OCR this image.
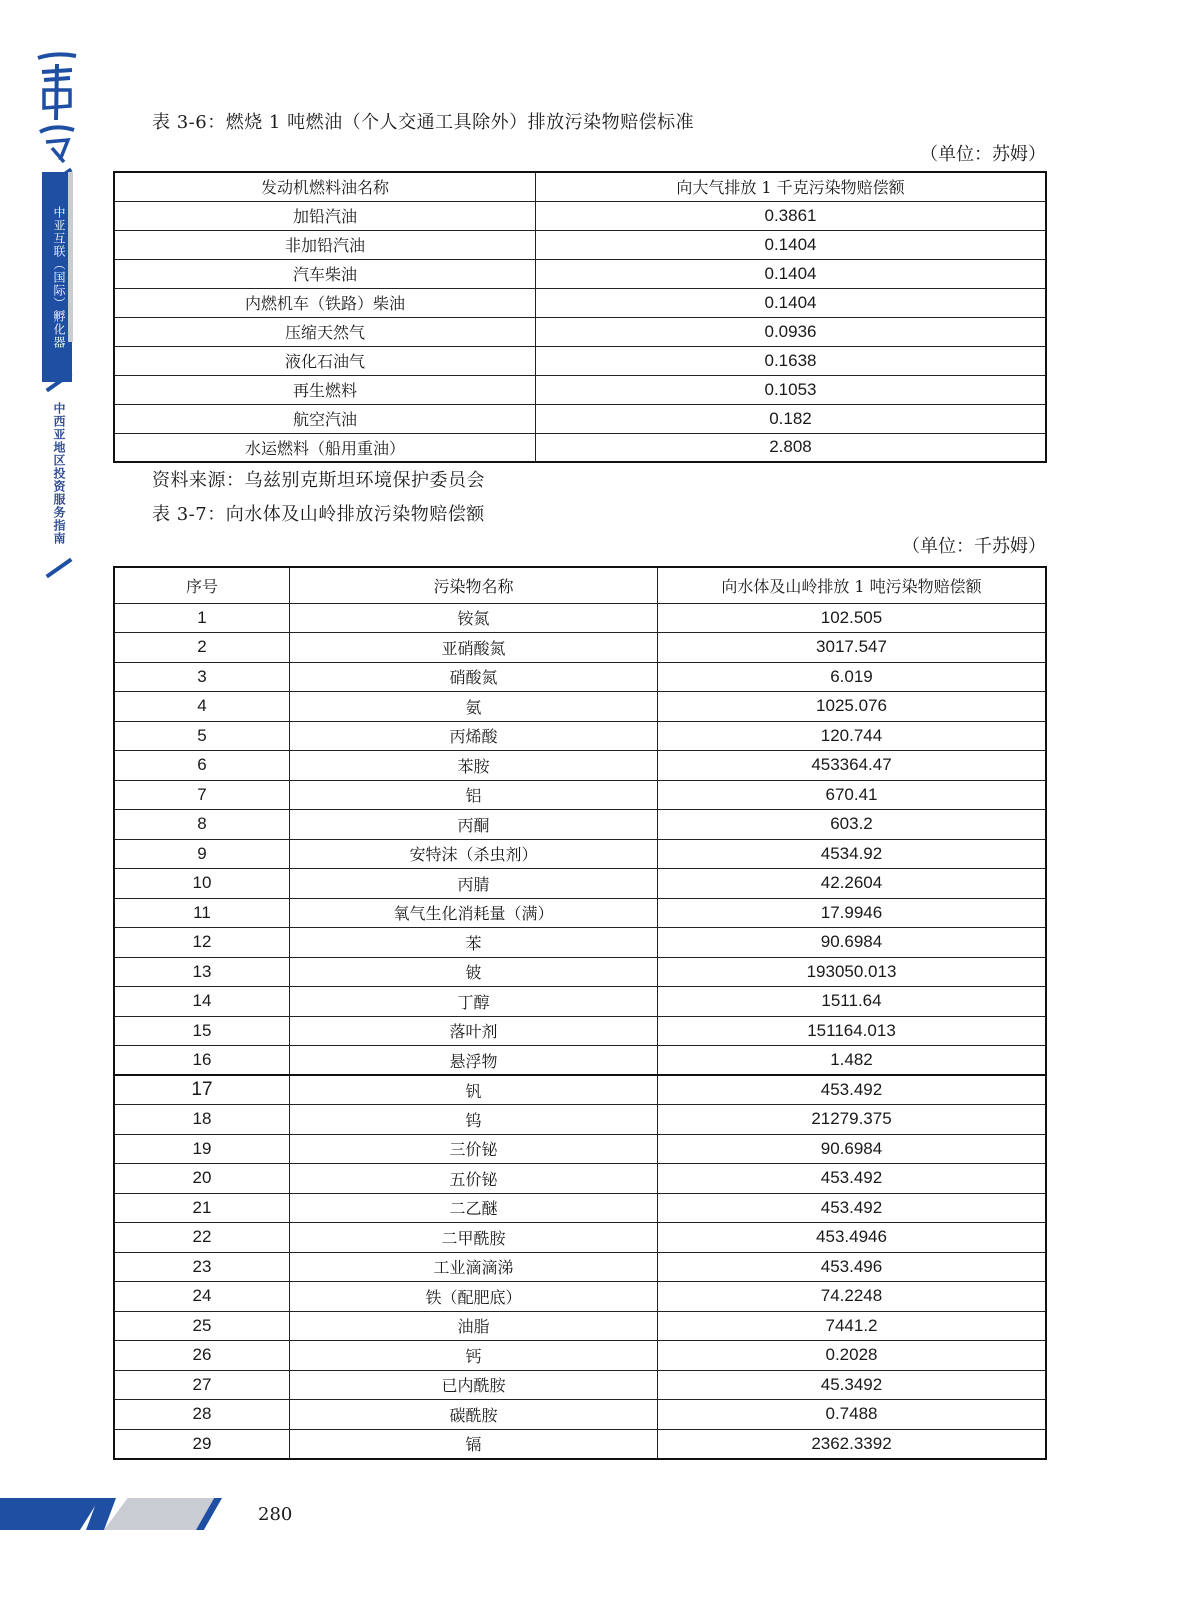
中亚互联（国际）孵化器
中西亚地区投资服务指南
表 3-6：燃烧 1 吨燃油（个人交通工具除外）排放污染物赔偿标准
（单位：苏姆）
发动机燃料油名称	向大气排放 1 千克污染物赔偿额
加铅汽油	0.3861
非加铅汽油	0.1404
汽车柴油	0.1404
内燃机车（铁路）柴油	0.1404
压缩天然气	0.0936
液化石油气	0.1638
再生燃料	0.1053
航空汽油	0.182
水运燃料（船用重油）	2.808
资料来源：乌兹别克斯坦环境保护委员会
表 3-7：向水体及山岭排放污染物赔偿额
（单位：千苏姆）
序号	污染物名称	向水体及山岭排放 1 吨污染物赔偿额
1	铵氮	102.505
2	亚硝酸氮	3017.547
3	硝酸氮	6.019
4	氨	1025.076
5	丙烯酸	120.744
6	苯胺	453364.47
7	铝	670.41
8	丙酮	603.2
9	安特沫（杀虫剂）	4534.92
10	丙腈	42.2604
11	氧气生化消耗量（满）	17.9946
12	苯	90.6984
13	铍	193050.013
14	丁醇	1511.64
15	落叶剂	151164.013
16	悬浮物	1.482
17	钒	453.492
18	钨	21279.375
19	三价铋	90.6984
20	五价铋	453.492
21	二乙醚	453.492
22	二甲酰胺	453.4946
23	工业滴滴涕	453.496
24	铁（配肥底）	74.2248
25	油脂	7441.2
26	钙	0.2028
27	已内酰胺	45.3492
28	碳酰胺	0.7488
29	镉	2362.3392
280
